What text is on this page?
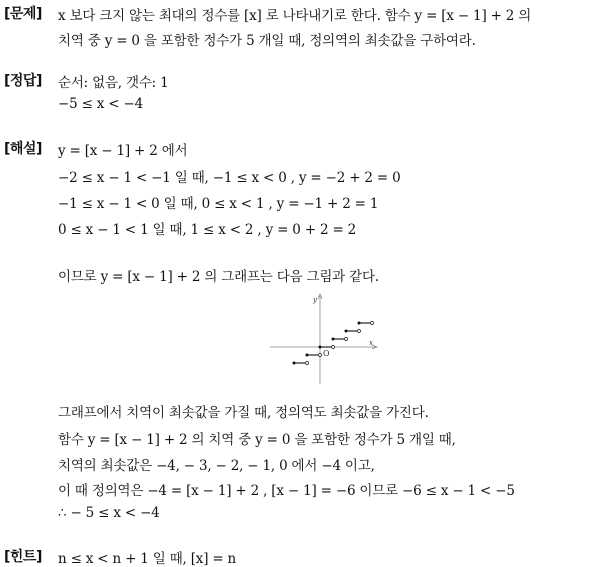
[문제] x 보다 크지 않는 최대의 정수를 [x] 로 나타내기로 한다. 함수 y = [x − 1] + 2 의
치역 중 y = 0 을 포함한 정수가 5 개일 때, 정의역의 최솟값을 구하여라.
[정답] 순서: 없음, 갯수: 1
−5 ≤ x < −4
[해설] y = [x − 1] + 2 에서
−2 ≤ x − 1 < −1 일 때, −1 ≤ x < 0 , y = −2 + 2 = 0
−1 ≤ x − 1 < 0 일 때, 0 ≤ x < 1 , y = −1 + 2 = 1
0 ≤ x − 1 < 1 일 때, 1 ≤ x < 2 , y = 0 + 2 = 2
이므로 y = [x − 1] + 2 의 그래프는 다음 그림과 같다.
x
y
O
그래프에서 치역이 최솟값을 가질 때, 정의역도 최솟값을 가진다.
함수 y = [x − 1] + 2 의 치역 중 y = 0 을 포함한 정수가 5 개일 때,
치역의 최솟값은 −4, − 3, − 2, − 1, 0 에서 −4 이고,
이 때 정의역은 −4 = [x − 1] + 2 , [x − 1] = −6 이므로 −6 ≤ x − 1 < −5
∴ − 5 ≤ x < −4
[힌트] n ≤ x < n + 1 일 때, [x] = n
